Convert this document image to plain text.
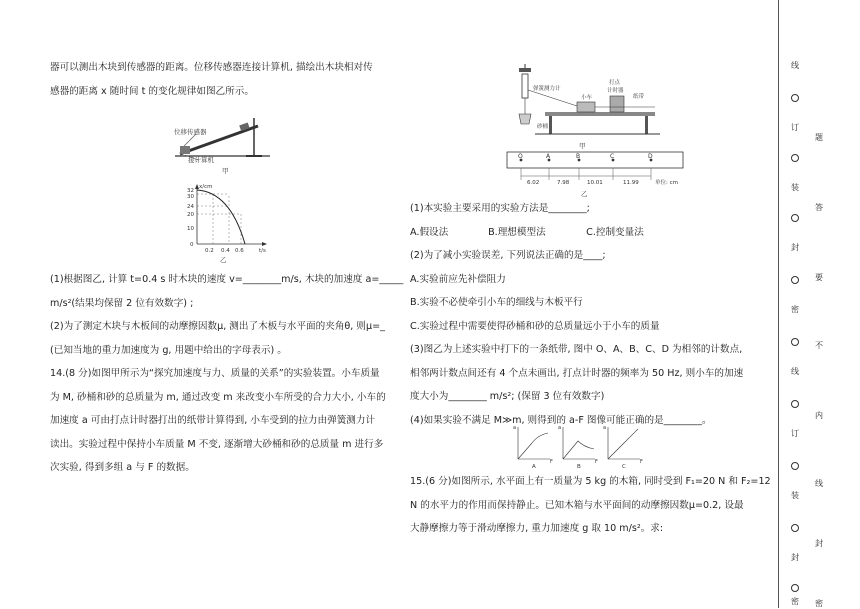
器可以测出木块到传感器的距离。位移传感器连接计算机, 描绘出木块相对传

感器的距离 x 随时间 t 的变化规律如图乙所示。

位移传感器
接计算机
甲
x/cm
32
30
24
20
10
0
0.2 0.4 0.6	t/s
乙

(1)根据图乙, 计算 t=0.4 s 时木块的速度 v=________m/s, 木块的加速度 a=_____

m/s²(结果均保留 2 位有效数字) ;

(2)为了测定木块与木板间的动摩擦因数μ, 测出了木板与水平面的夹角θ, 则μ=_

(已知当地的重力加速度为 g, 用题中给出的字母表示) 。

14.(8 分)如图甲所示为“探究加速度与力、质量的关系”的实验装置。小车质量

为 M, 砂桶和砂的总质量为 m, 通过改变 m 来改变小车所受的合力大小, 小车的

加速度 a 可由打点计时器打出的纸带计算得到, 小车受到的拉力由弹簧测力计

读出。实验过程中保持小车质量 M 不变, 逐渐增大砂桶和砂的总质量 m 进行多

次实验, 得到多组 a 与 F 的数据。

弹簧测力计
小车
打点
计时器
纸带
砂桶
甲
O	A	B	C	D
6.02	7.98	10.01	11.99	单位: cm
乙

(1)本实验主要采用的实验方法是________;

A.假设法	B.理想模型法	C.控制变量法

(2)为了减小实验误差, 下列说法正确的是____;

A.实验前应先补偿阻力

B.实验不必使牵引小车的细线与木板平行

C.实验过程中需要使得砂桶和砂的总质量远小于小车的质量

(3)图乙为上述实验中打下的一条纸带, 图中 O、A、B、C、D 为相邻的计数点,

相邻两计数点间还有 4 个点未画出, 打点计时器的频率为 50 Hz, 则小车的加速

度大小为________ m/s²; (保留 3 位有效数字)

(4)如果实验不满足 M≫m, 则得到的 a-F 图像可能正确的是________。

a
F
a
F
a
F
A	B	C

15.(6 分)如图所示, 水平面上有一质量为 5 kg 的木箱, 同时受到 F₁=20 N 和 F₂=12

N 的水平力的作用而保持静止。已知木箱与水平面间的动摩擦因数μ=0.2, 设最

大静摩擦力等于滑动摩擦力, 重力加速度 g 取 10 m/s²。求:

线
订
装
封
密
线
订
装
封
密
题
答
要
不
内
线
封
密
